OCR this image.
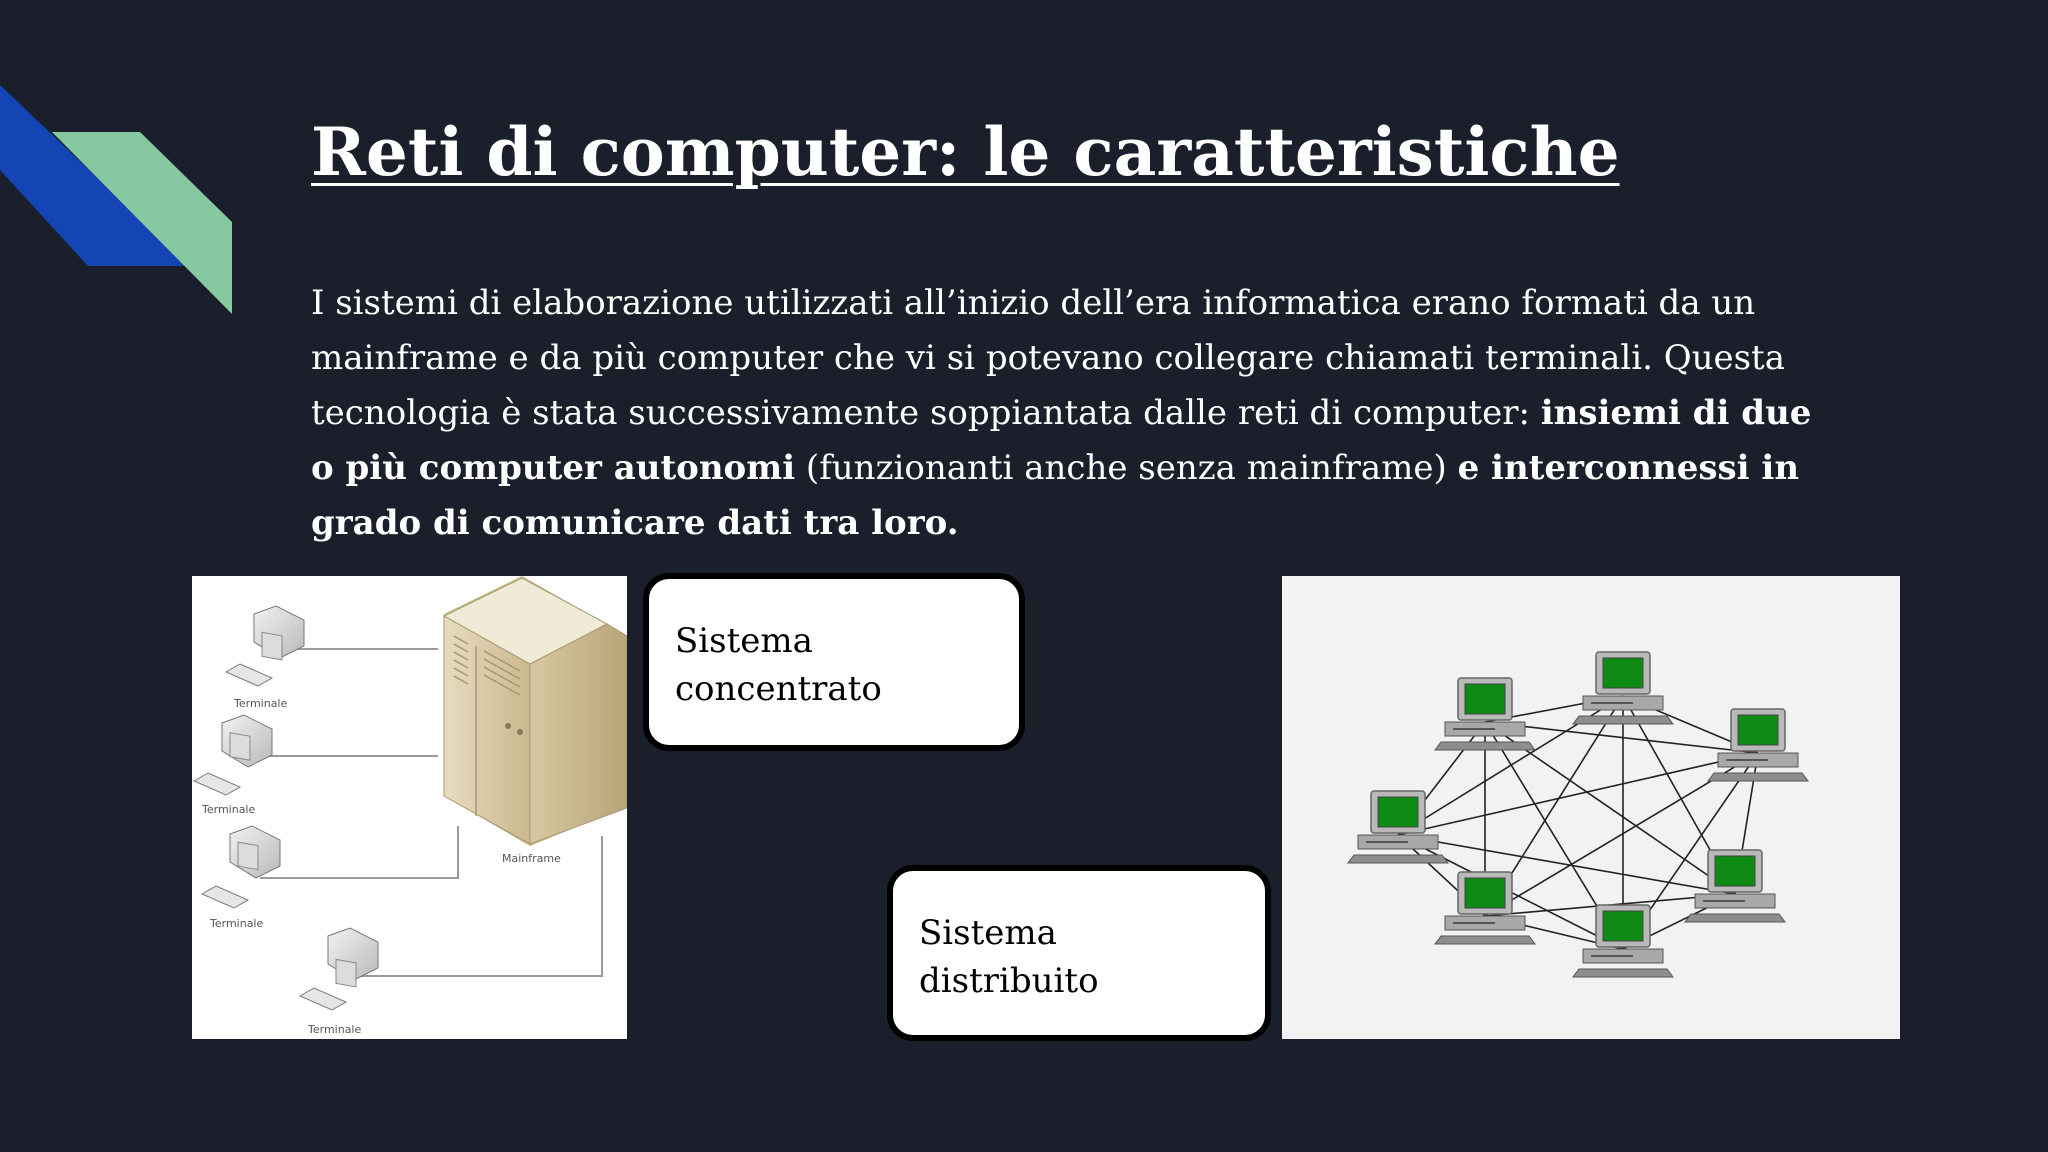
Reti di computer: le caratteristiche

I sistemi di elaborazione utilizzati all’inizio dell’era informatica erano formati da un mainframe e da più computer che vi si potevano collegare chiamati terminali. Questa tecnologia è stata successivamente soppiantata dalle reti di computer: insiemi di due o più computer autonomi (funzionanti anche senza mainframe) e interconnessi in grado di comunicare dati tra loro.

Mainframe
Terminale
Terminale
Terminale
Terminale
Sistema
concentrato
Sistema
distribuito
